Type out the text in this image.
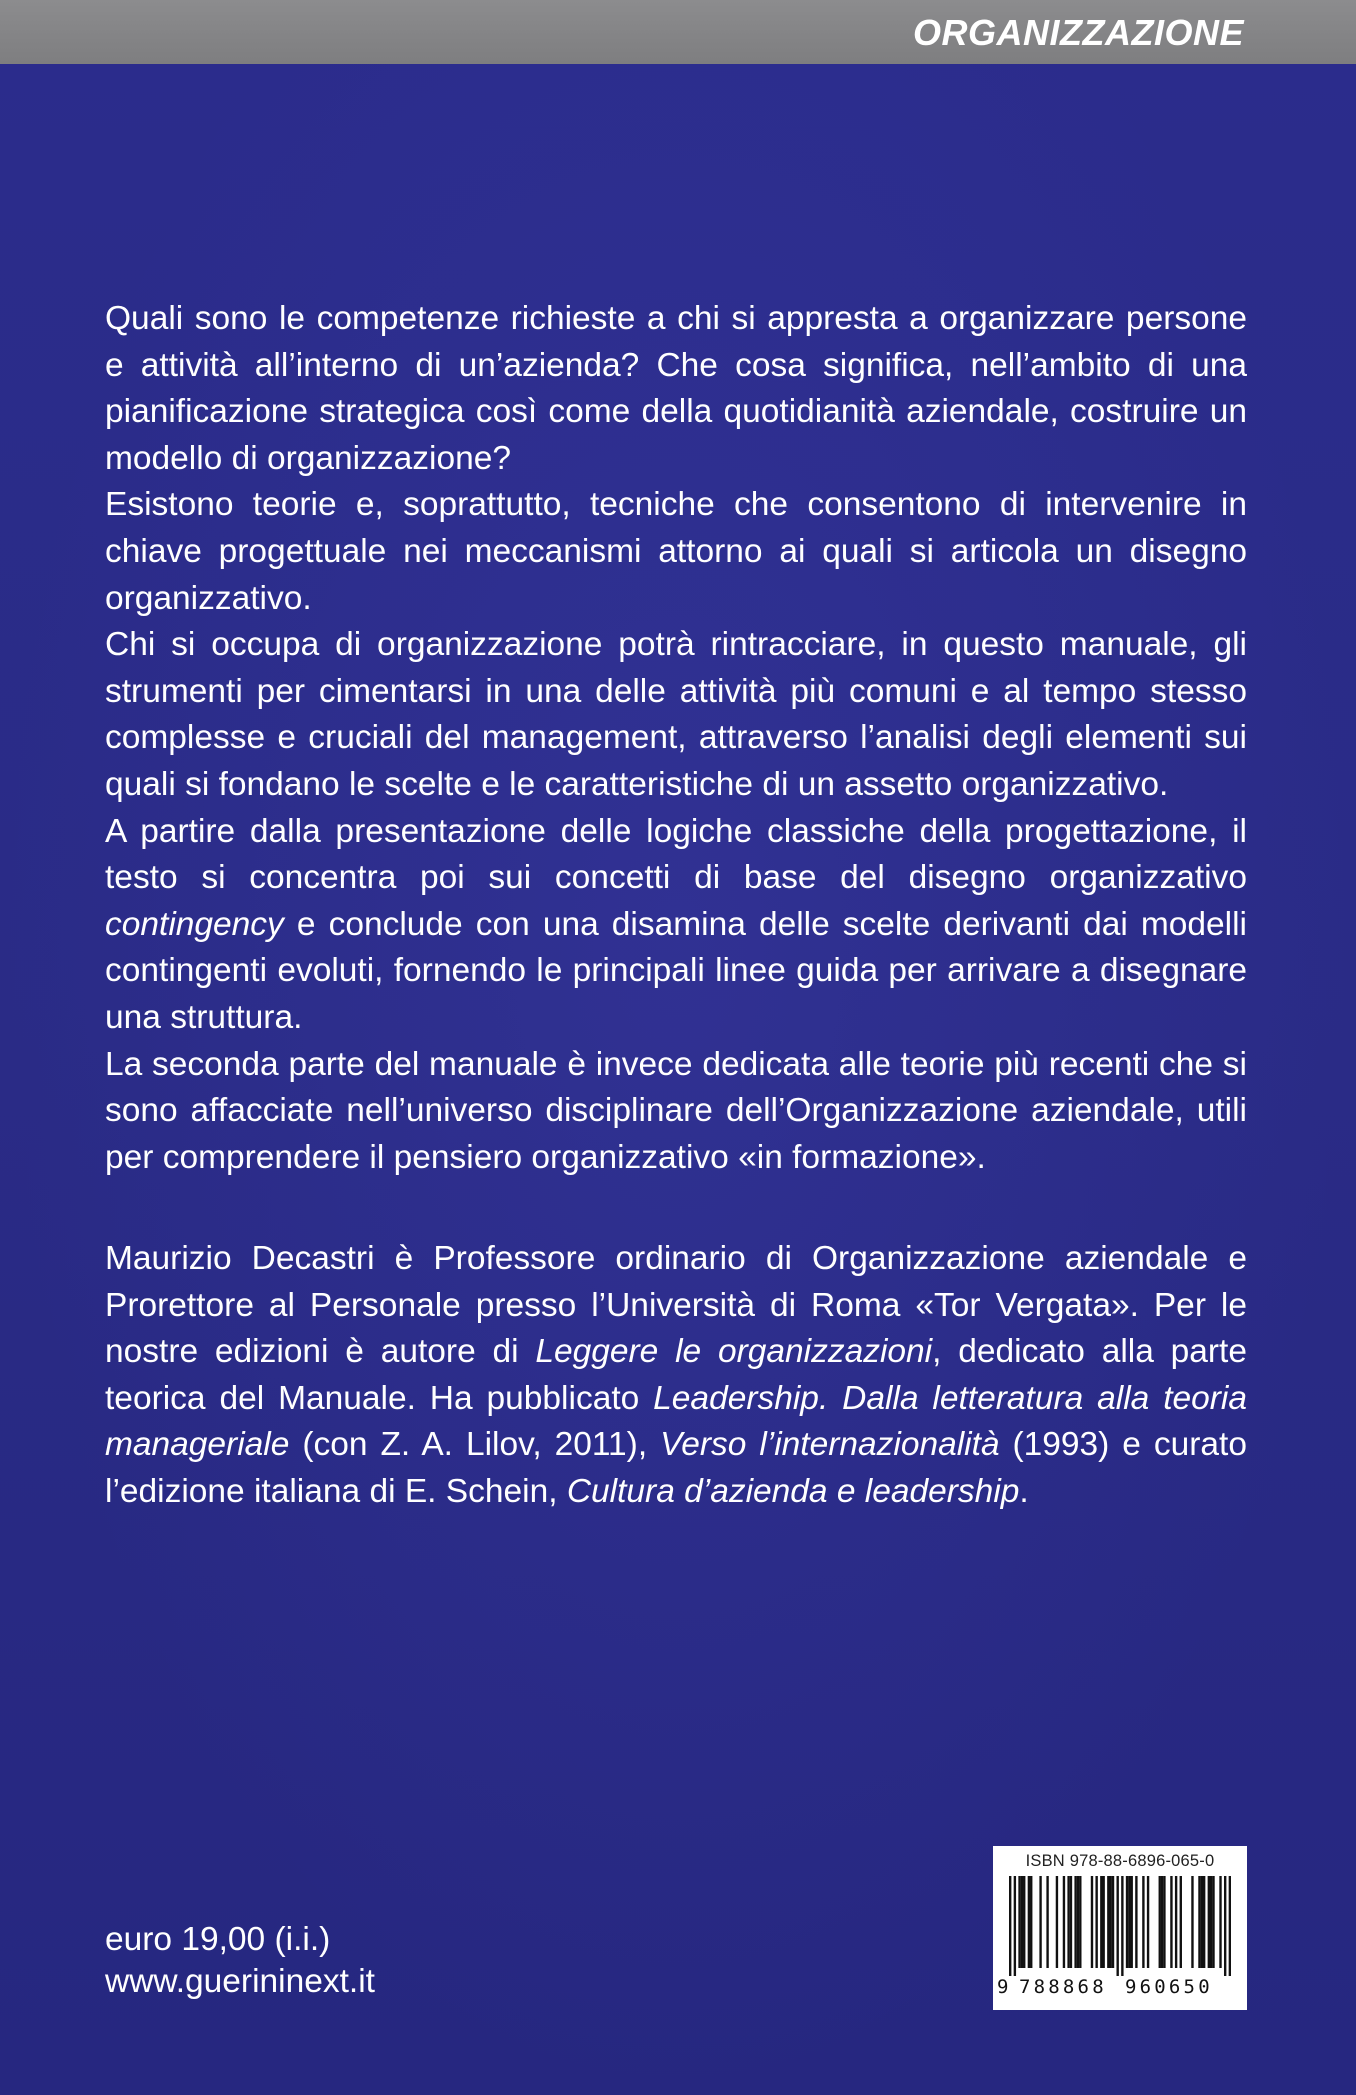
ORGANIZZAZIONE

Quali sono le competenze richieste a chi si appresta a organizzare persone e attività all’interno di un’azienda? Che cosa significa, nell’ambito di una pianificazione strategica così come della quotidianità aziendale, costruire un modello di organizzazione?

Esistono teorie e, soprattutto, tecniche che consentono di intervenire in chiave progettuale nei meccanismi attorno ai quali si articola un disegno organizzativo.

Chi si occupa di organizzazione potrà rintracciare, in questo manuale, gli strumenti per cimentarsi in una delle attività più comuni e al tempo stesso complesse e cruciali del management, attraverso l’analisi degli elementi sui quali si fondano le scelte e le caratteristiche di un assetto organizzativo.

A partire dalla presentazione delle logiche classiche della progettazione, il testo si concentra poi sui concetti di base del disegno organizzativo contingency e conclude con una disamina delle scelte derivanti dai modelli contingenti evoluti, fornendo le principali linee guida per arrivare a disegnare una struttura.

La seconda parte del manuale è invece dedicata alle teorie più recenti che si sono affacciate nell’universo disciplinare dell’Organizzazione aziendale, utili per comprendere il pensiero organizzativo «in formazione».

Maurizio Decastri è Professore ordinario di Organizzazione aziendale e Prorettore al Personale presso l’Università di Roma «Tor Vergata». Per le nostre edizioni è autore di Leggere le organizzazioni, dedicato alla parte teorica del Manuale. Ha pubblicato Leadership. Dalla letteratura alla teoria manageriale (con Z. A. Lilov, 2011), Verso l’internazionalità (1993) e curato l’edizione italiana di E. Schein, Cultura d’azienda e leadership.

euro 19,00 (i.i.)
www.guerininext.it
ISBN 978-88-6896-065-0
9 788868 960650
